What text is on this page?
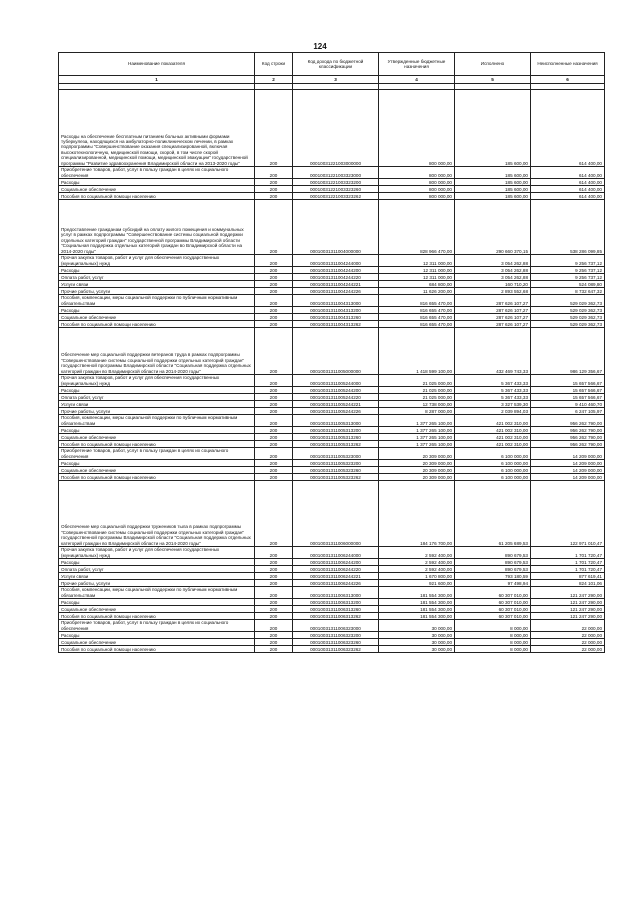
124
Наименование показателя	Код строки	Код дохода по бюджетной классификации	Утвержденные бюджетные назначения	Исполнено	Неисполненные назначения
1	2	3	4	5	6

Расходы на обеспечение бесплатным питанием больных активными формами туберкулеза, находящихся на амбулаторно-поликлиническом лечении, в рамках подпрограммы "Совершенствование оказания специализированной, включая высокотехнологичную, медицинской помощи, скорой, в том числе скорой специализированной, медицинской помощи, медицинской эвакуации" государственной программы "Развитие здравоохранения Владимирской области на 2013-2020 годы"	200	00010031221003000000	800 000,00	185 600,00	614 400,00
Приобретение товаров, работ, услуг в пользу граждан в целях их социального обеспечения	200	00010031221003323000	800 000,00	185 600,00	614 400,00
Расходы	200	00010031221003323200	800 000,00	185 600,00	614 400,00
Социальное обеспечение	200	00010031221003323260	800 000,00	185 600,00	614 400,00
Пособия по социальной помощи населению	200	00010031221003323262	800 000,00	185 600,00	614 400,00
Предоставление гражданам субсидий на оплату жилого помещения и коммунальных услуг в рамках подпрограммы "Совершенствование системы социальной поддержки отдельных категорий граждан" государственной программы Владимирской области "Социальная поддержка отдельных категорий граждан во Владимирской области на 2014-2020 годы"	200	00010031311004000000	828 966 470,00	290 660 370,15	538 286 099,85
Прочая закупка товаров, работ и услуг для обеспечения государственных (муниципальных) нужд	200	00010031311004244000	12 311 000,00	3 054 262,88	9 256 737,12
Расходы	200	00010031311004244200	12 311 000,00	3 054 262,88	9 256 737,12
Оплата работ, услуг	200	00010031311004244220	12 311 000,00	3 054 262,88	9 256 737,12
Услуги связи	200	00010031311004244221	684 800,00	160 710,20	524 089,80
Прочие работы, услуги	200	00010031311004244226	11 626 200,00	2 893 552,68	8 732 647,32
Пособия, компенсации, меры социальной поддержки по публичным нормативным обязательствам	200	00010031311004313000	816 655 470,00	287 626 107,27	529 029 362,73
Расходы	200	00010031311004313200	816 655 470,00	287 626 107,27	529 029 362,73
Социальное обеспечение	200	00010031311004313260	816 655 470,00	287 626 107,27	529 029 362,73
Пособия по социальной помощи населению	200	00010031311004313262	816 655 470,00	287 626 107,27	529 029 362,73
Обеспечение мер социальной поддержки ветеранов труда в рамках подпрограммы "Совершенствование системы социальной поддержки отдельных категорий граждан" государственной программы Владимирской области "Социальная поддержка отдельных категорий граждан во Владимирской области на 2014-2020 годы"	200	00010031311005000000	1 418 599 100,00	432 469 743,33	986 129 356,67
Прочая закупка товаров, работ и услуг для обеспечения государственных (муниципальных) нужд	200	00010031311005244000	21 025 000,00	5 367 433,33	15 657 566,67
Расходы	200	00010031311005244200	21 025 000,00	5 367 433,33	15 657 566,67
Оплата работ, услуг	200	00010031311005244220	21 025 000,00	5 367 433,33	15 657 566,67
Услуги связи	200	00010031311005244221	12 738 000,00	3 327 539,30	9 410 460,70
Прочие работы, услуги	200	00010031311005244226	8 287 000,00	2 039 894,03	6 247 105,97
Пособия, компенсации, меры социальной поддержки по публичным нормативным обязательствам	200	00010031311005313000	1 377 265 100,00	421 002 310,00	956 262 790,00
Расходы	200	00010031311005313200	1 377 265 100,00	421 002 310,00	956 262 790,00
Социальное обеспечение	200	00010031311005313260	1 377 265 100,00	421 002 310,00	956 262 790,00
Пособия по социальной помощи населению	200	00010031311005313262	1 377 265 100,00	421 002 310,00	956 262 790,00
Приобретение товаров, работ, услуг в пользу граждан в целях их социального обеспечения	200	00010031311005323000	20 309 000,00	6 100 000,00	14 209 000,00
Расходы	200	00010031311005323200	20 309 000,00	6 100 000,00	14 209 000,00
Социальное обеспечение	200	00010031311005323260	20 309 000,00	6 100 000,00	14 209 000,00
Пособия по социальной помощи населению	200	00010031311005323262	20 309 000,00	6 100 000,00	14 209 000,00
Обеспечение мер социальной поддержки тружеников тыла в рамках подпрограммы "Совершенствование системы социальной поддержки отдельных категорий граждан" государственной программы Владимирской области "Социальная поддержка отдельных категорий граждан во Владимирской области на 2014-2020 годы"	200	00010031311006000000	184 176 700,00	61 205 689,53	122 971 010,47
Прочая закупка товаров, работ и услуг для обеспечения государственных (муниципальных) нужд	200	00010031311006244000	2 592 400,00	890 679,53	1 701 720,47
Расходы	200	00010031311006244200	2 592 400,00	890 679,53	1 701 720,47
Оплата работ, услуг	200	00010031311006244220	2 592 400,00	890 679,53	1 701 720,47
Услуги связи	200	00010031311006244221	1 670 800,00	793 180,59	877 619,41
Прочие работы, услуги	200	00010031311006244226	921 600,00	97 498,94	824 101,06
Пособия, компенсации, меры социальной поддержки по публичным нормативным обязательствам	200	00010031311006313000	181 554 300,00	60 307 010,00	121 247 290,00
Расходы	200	00010031311006313200	181 554 300,00	60 307 010,00	121 247 290,00
Социальное обеспечение	200	00010031311006313260	181 554 300,00	60 307 010,00	121 247 290,00
Пособия по социальной помощи населению	200	00010031311006313262	181 554 300,00	60 307 010,00	121 247 290,00
Приобретение товаров, работ, услуг в пользу граждан в целях их социального обеспечения	200	00010031311006323000	30 000,00	8 000,00	22 000,00
Расходы	200	00010031311006323200	30 000,00	8 000,00	22 000,00
Социальное обеспечение	200	00010031311006323260	30 000,00	8 000,00	22 000,00
Пособия по социальной помощи населению	200	00010031311006323262	30 000,00	8 000,00	22 000,00
